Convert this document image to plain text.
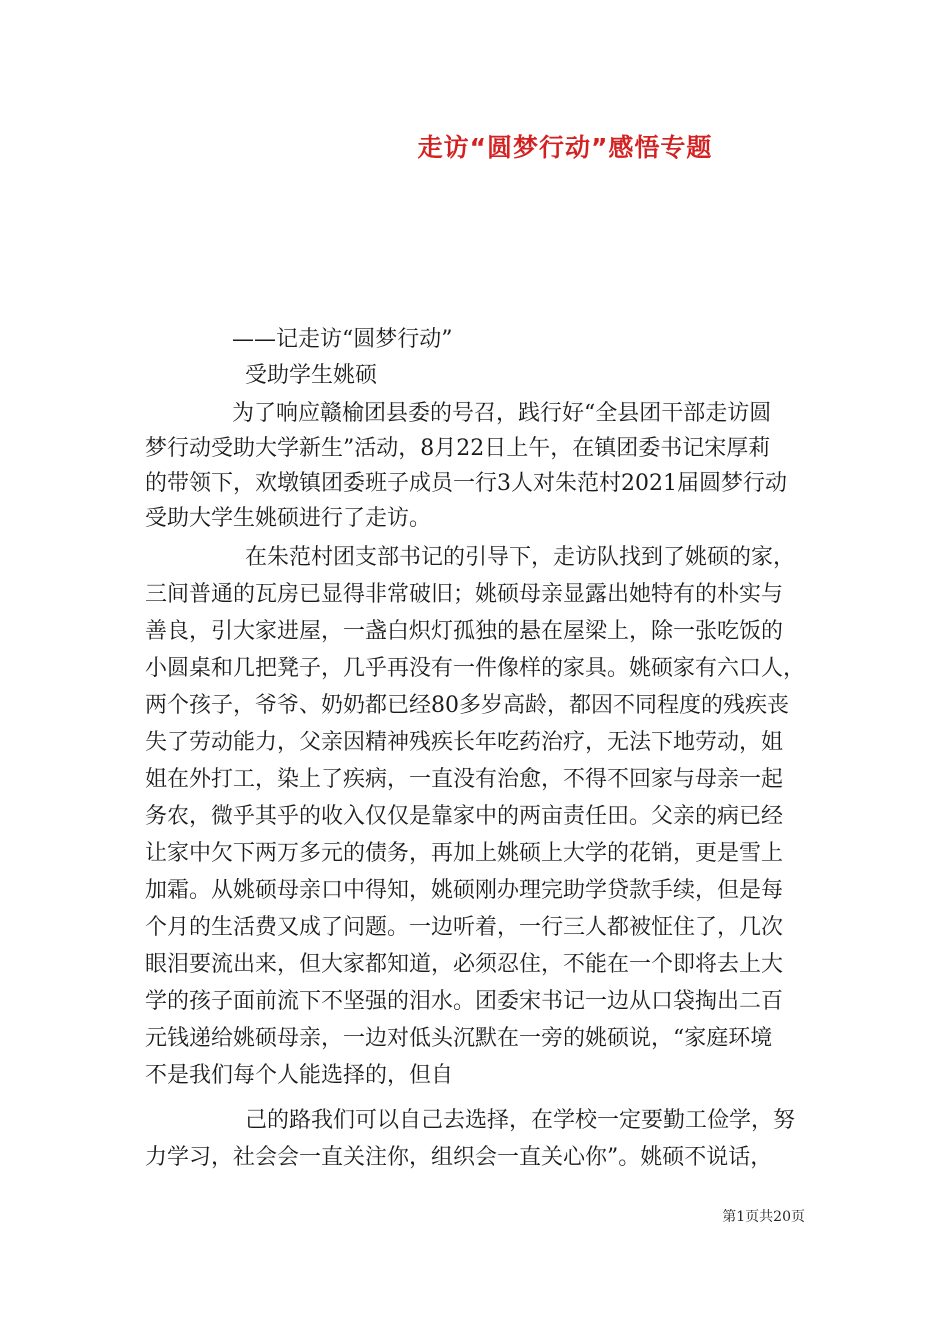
走访“圆梦行动”感悟专题
——记走访“圆梦行动”
受助学生姚硕
为了响应赣榆团县委的号召，践行好“全县团干部走访圆
梦行动受助大学新生”活动，8月22日上午，在镇团委书记宋厚莉
的带领下，欢墩镇团委班子成员一行3人对朱范村2021届圆梦行动
受助大学生姚硕进行了走访。
在朱范村团支部书记的引导下，走访队找到了姚硕的家，
三间普通的瓦房已显得非常破旧；姚硕母亲显露出她特有的朴实与
善良，引大家进屋，一盏白炽灯孤独的悬在屋梁上，除一张吃饭的
小圆桌和几把凳子，几乎再没有一件像样的家具。姚硕家有六口人，
两个孩子，爷爷、奶奶都已经80多岁高龄，都因不同程度的残疾丧
失了劳动能力，父亲因精神残疾长年吃药治疗，无法下地劳动，姐
姐在外打工，染上了疾病，一直没有治愈，不得不回家与母亲一起
务农，微乎其乎的收入仅仅是靠家中的两亩责任田。父亲的病已经
让家中欠下两万多元的债务，再加上姚硕上大学的花销，更是雪上
加霜。从姚硕母亲口中得知，姚硕刚办理完助学贷款手续，但是每
个月的生活费又成了问题。一边听着，一行三人都被怔住了，几次
眼泪要流出来，但大家都知道，必须忍住，不能在一个即将去上大
学的孩子面前流下不坚强的泪水。团委宋书记一边从口袋掏出二百
元钱递给姚硕母亲，一边对低头沉默在一旁的姚硕说，“家庭环境
不是我们每个人能选择的，但自
己的路我们可以自己去选择，在学校一定要勤工俭学，努
力学习，社会会一直关注你，组织会一直关心你”。姚硕不说话，
第1页共20页
